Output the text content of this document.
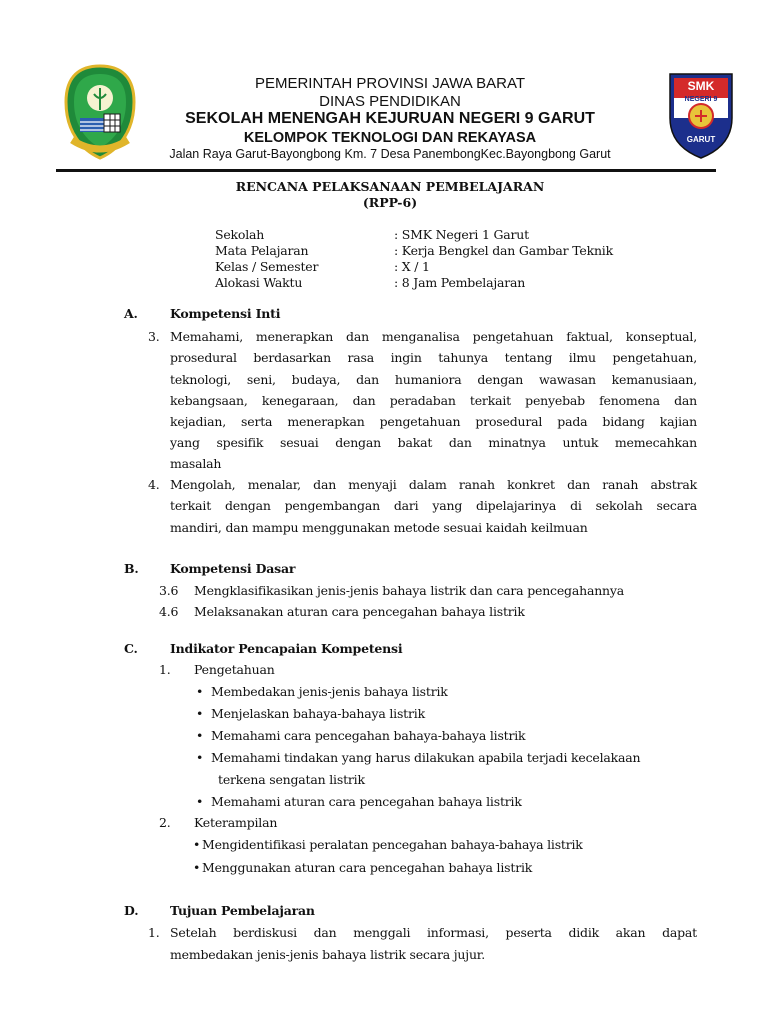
SMK
NEGERI 9
GARUT
PEMERINTAH PROVINSI JAWA BARAT
DINAS PENDIDIKAN
SEKOLAH MENENGAH KEJURUAN NEGERI 9 GARUT
KELOMPOK TEKNOLOGI DAN REKAYASA
Jalan Raya Garut-Bayongbong Km. 7 Desa PanembongKec.Bayongbong Garut
RENCANA PELAKSANAAN PEMBELAJARAN
(RPP-6)
Sekolah	: SMK Negeri 1 Garut
Mata Pelajaran	: Kerja Bengkel dan Gambar Teknik
Kelas / Semester	: X / 1
Alokasi Waktu	: 8 Jam Pembelajaran
A.	Kompetensi Inti
3. Memahami, menerapkan dan menganalisa pengetahuan faktual, konseptual,
prosedural berdasarkan rasa ingin tahunya tentang ilmu pengetahuan,
teknologi, seni, budaya, dan humaniora dengan wawasan kemanusiaan,
kebangsaan, kenegaraan, dan peradaban terkait penyebab fenomena dan
kejadian, serta menerapkan pengetahuan prosedural pada bidang kajian
yang spesifik sesuai dengan bakat dan minatnya untuk memecahkan
masalah
4. Mengolah, menalar, dan menyaji dalam ranah konkret dan ranah abstrak
terkait dengan pengembangan dari yang dipelajarinya di sekolah secara
mandiri, dan mampu menggunakan metode sesuai kaidah keilmuan
B.	Kompetensi Dasar
3.6 Mengklasifikasikan jenis-jenis bahaya listrik dan cara pencegahannya
4.6 Melaksanakan aturan cara pencegahan bahaya listrik
C.	Indikator Pencapaian Kompetensi
1. Pengetahuan
• Membedakan jenis-jenis bahaya listrik
• Menjelaskan bahaya-bahaya listrik
• Memahami cara pencegahan bahaya-bahaya listrik
• Memahami tindakan yang harus dilakukan apabila terjadi kecelakaan
terkena sengatan listrik
• Memahami aturan cara pencegahan bahaya listrik
2. Keterampilan
• Mengidentifikasi peralatan pencegahan bahaya-bahaya listrik
• Menggunakan aturan cara pencegahan bahaya listrik
D.	Tujuan Pembelajaran
1. Setelah berdiskusi dan menggali informasi, peserta didik akan dapat
membedakan jenis-jenis bahaya listrik secara jujur.
